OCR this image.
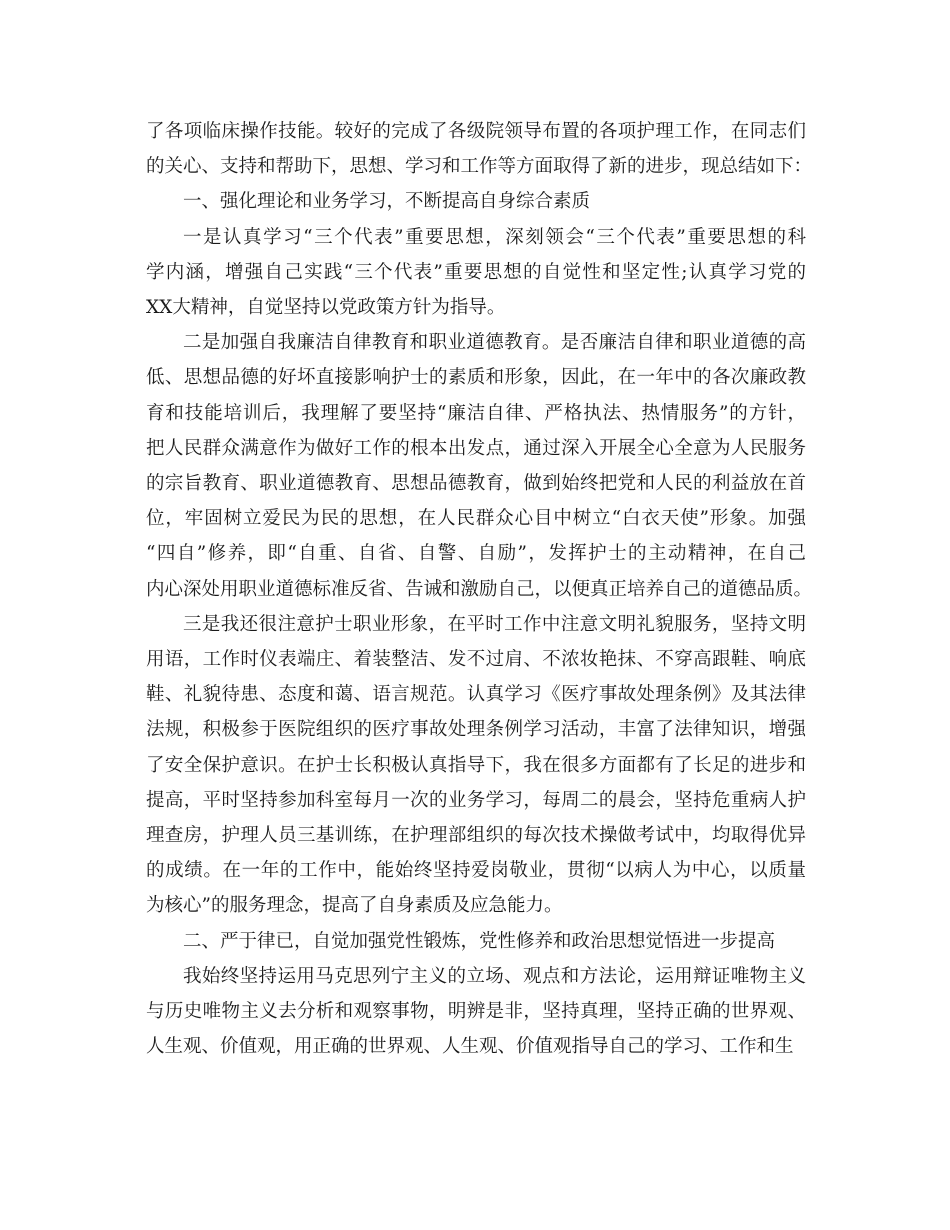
了各项临床操作技能。较好的完成了各级院领导布置的各项护理工作，在同志们
的关心、支持和帮助下，思想、学习和工作等方面取得了新的进步，现总结如下：
一、强化理论和业务学习，不断提高自身综合素质
一是认真学习“三个代表”重要思想，深刻领会“三个代表”重要思想的科
学内涵，增强自己实践“三个代表”重要思想的自觉性和坚定性;认真学习党的
XX大精神，自觉坚持以党政策方针为指导。
二是加强自我廉洁自律教育和职业道德教育。是否廉洁自律和职业道德的高
低、思想品德的好坏直接影响护士的素质和形象，因此，在一年中的各次廉政教
育和技能培训后，我理解了要坚持“廉洁自律、严格执法、热情服务”的方针，
把人民群众满意作为做好工作的根本出发点，通过深入开展全心全意为人民服务
的宗旨教育、职业道德教育、思想品德教育，做到始终把党和人民的利益放在首
位，牢固树立爱民为民的思想，在人民群众心目中树立“白衣天使”形象。加强
“四自”修养，即“自重、自省、自警、自励”，发挥护士的主动精神，在自己
内心深处用职业道德标准反省、告诫和激励自己，以便真正培养自己的道德品质。
三是我还很注意护士职业形象，在平时工作中注意文明礼貌服务，坚持文明
用语，工作时仪表端庄、着装整洁、发不过肩、不浓妆艳抹、不穿高跟鞋、响底
鞋、礼貌待患、态度和蔼、语言规范。认真学习《医疗事故处理条例》及其法律
法规，积极参于医院组织的医疗事故处理条例学习活动，丰富了法律知识，增强
了安全保护意识。在护士长积极认真指导下，我在很多方面都有了长足的进步和
提高，平时坚持参加科室每月一次的业务学习，每周二的晨会，坚持危重病人护
理查房，护理人员三基训练，在护理部组织的每次技术操做考试中，均取得优异
的成绩。在一年的工作中，能始终坚持爱岗敬业，贯彻“以病人为中心，以质量
为核心”的服务理念，提高了自身素质及应急能力。
二、严于律已，自觉加强党性锻炼，党性修养和政治思想觉悟进一步提高
我始终坚持运用马克思列宁主义的立场、观点和方法论，运用辩证唯物主义
与历史唯物主义去分析和观察事物，明辨是非，坚持真理，坚持正确的世界观、
人生观、价值观，用正确的世界观、人生观、价值观指导自己的学习、工作和生
